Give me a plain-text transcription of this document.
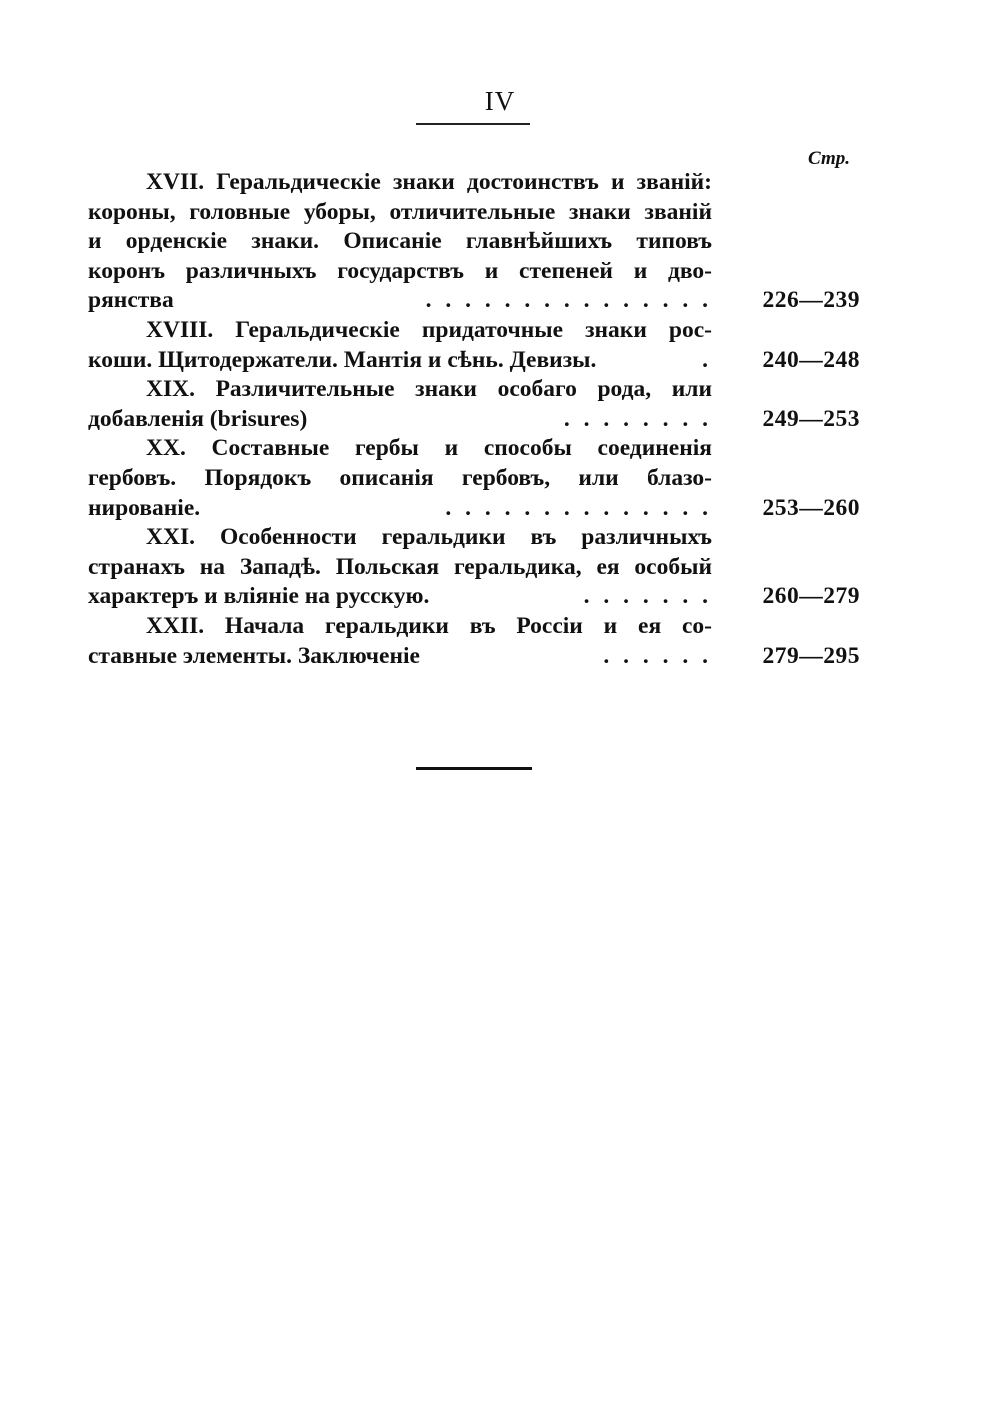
IV
Стр.
XVII. Геральдическiе знаки достоинствъ и званiй:
короны, головные уборы, отличительные знаки званiй
и орденскiе знаки. Описанiе главнѣйшихъ типовъ
коронъ различныхъ государствъ и степеней и дво-
рянства	. . . . . . . . . . . . . . .	226—239
XVIII. Геральдическiе придаточные знаки рос-
коши. Щитодержатели. Мантiя и сѣнь. Девизы.	.	240—248
XIX. Различительные знаки особаго рода, или
добавленiя (brisures)	. . . . . . . .	249—253
XX. Составные гербы и способы соединенiя
гербовъ. Порядокъ описанiя гербовъ, или блазо-
нированiе.	. . . . . . . . . . . . . .	253—260
XXI. Особенности геральдики въ различныхъ
странахъ на Западѣ. Польская геральдика, ея особый
характеръ и влiянiе на русскую.	. . . . . . .	260—279
XXII. Начала геральдики въ Россiи и ея со-
ставные элементы. Заключенiе	. . . . . .	279—295
